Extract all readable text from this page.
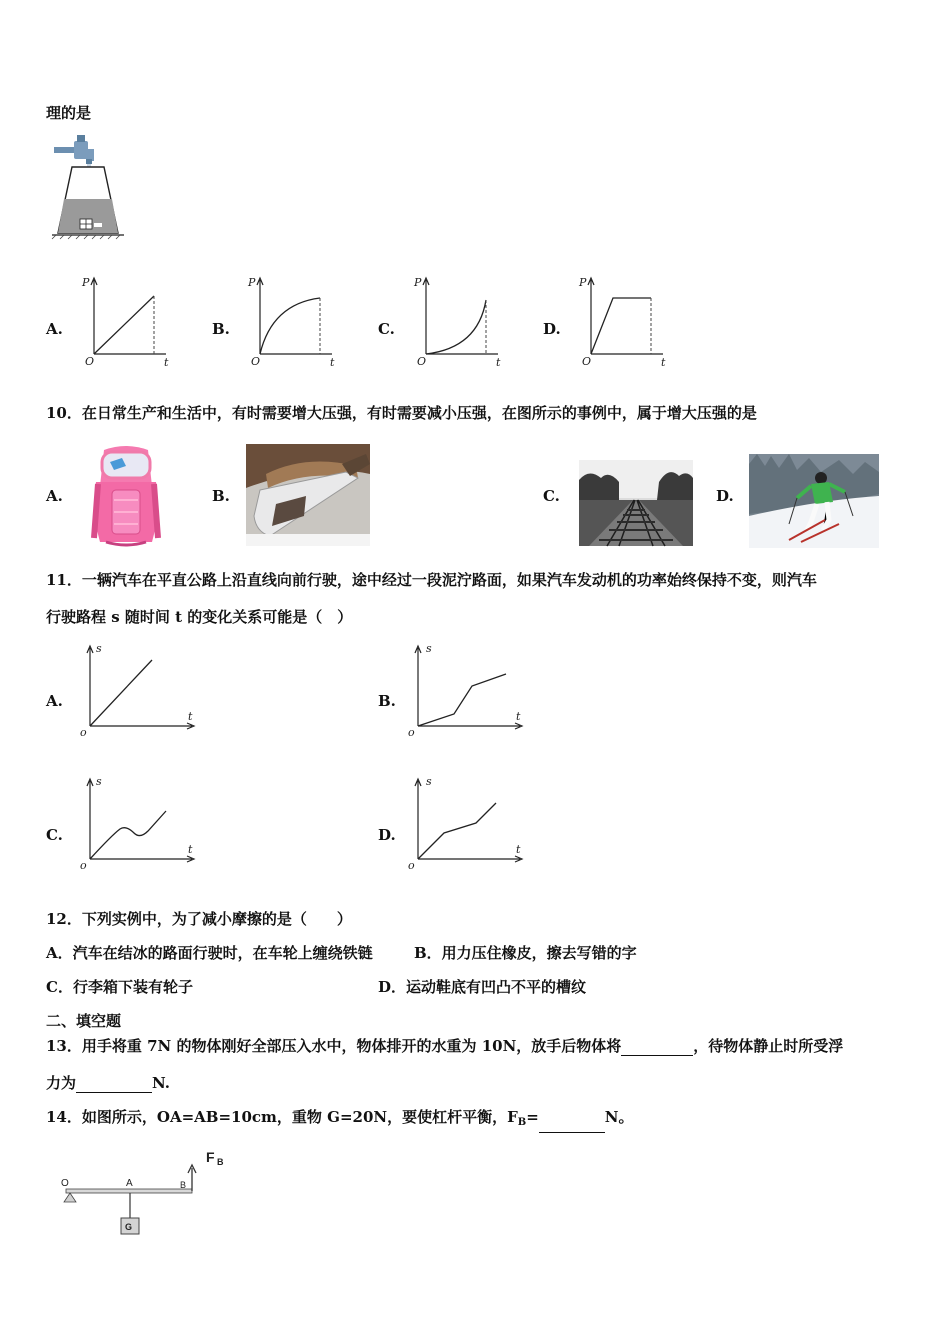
理的是
A.	B.	C.	D.
P
O	t
P
O	t
P
O	t
P
O	t
10．在日常生产和生活中，有时需要增大压强，有时需要减小压强，在图所示的事例中，属于增大压强的是
A.	B.	C.	D.
11．一辆汽车在平直公路上沿直线向前行驶，途中经过一段泥泞路面，如果汽车发动机的功率始终保持不变，则汽车
行驶路程 s 随时间 t 的变化关系可能是（　）
A.	B.
C.	D.
s
o
t
s
o
t
s
o
t
s
o
t
12．下列实例中，为了减小摩擦的是（　　）
A．汽车在结冰的路面行驶时，在车轮上缠绕铁链	B．用力压住橡皮，擦去写错的字
C．行李箱下装有轮子	D．运动鞋底有凹凸不平的槽纹
二、填空题
13．用手将重 7N 的物体刚好全部压入水中，物体排开的水重为 10N，放手后物体将	，待物体静止时所受浮
力为	N.
14．如图所示，OA=AB=10cm，重物 G=20N，要使杠杆平衡，$F_B=$	N。
F B
O	A	B
G
